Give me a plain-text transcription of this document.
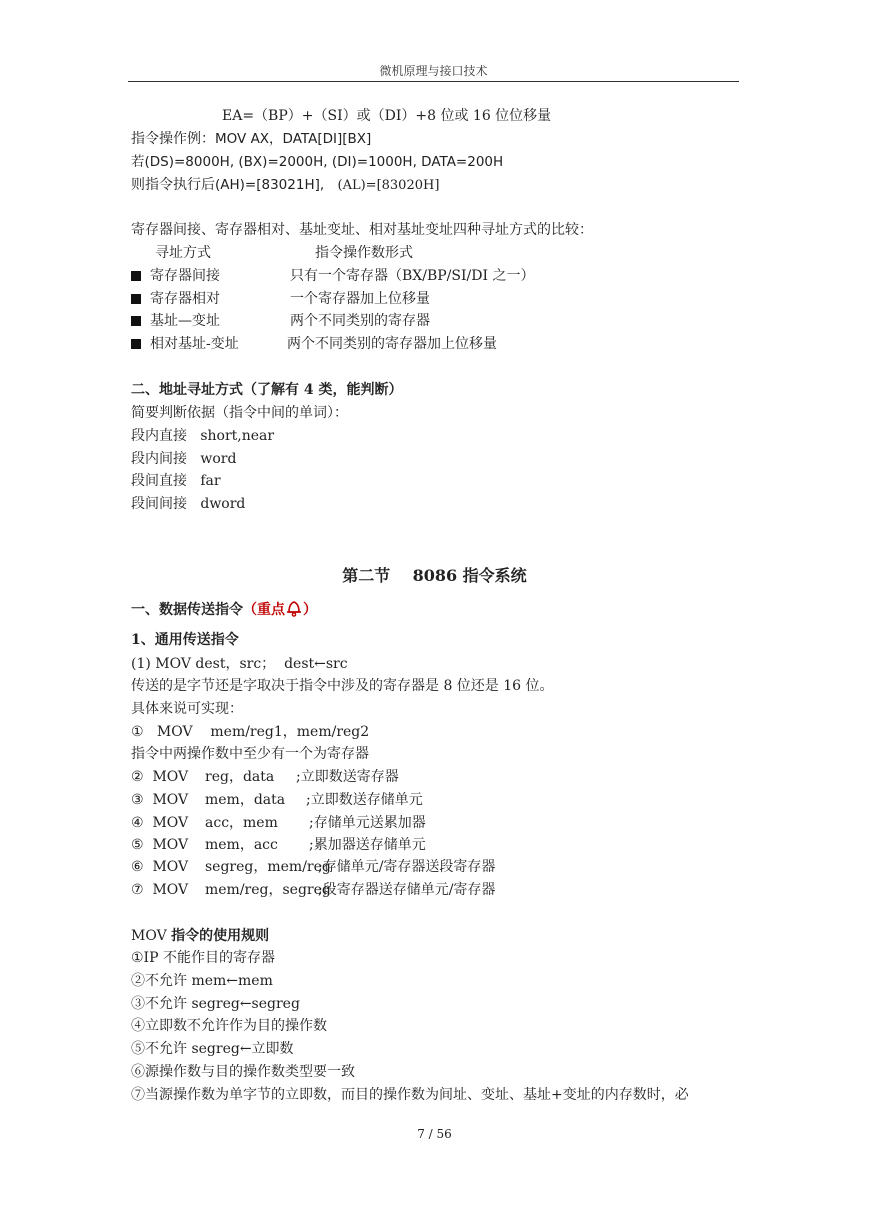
微机原理与接口技术
EA=（BP）+（SI）或（DI）+8 位或 16 位位移量
指令操作例：MOV AX，DATA[DI][BX]
若(DS)=8000H, (BX)=2000H, (DI)=1000H, DATA=200H
则指令执行后(AH)=[83021H], (AL)=[83020H]
寄存器间接、寄存器相对、基址变址、相对基址变址四种寻址方式的比较：
寻址方式	指令操作数形式
寄存器间接	只有一个寄存器（BX/BP/SI/DI 之一）
寄存器相对	一个寄存器加上位移量
基址—变址	两个不同类别的寄存器
相对基址-变址	两个不同类别的寄存器加上位移量
二、地址寻址方式（了解有 4 类，能判断）
简要判断依据（指令中间的单词）：
段内直接 short,near
段内间接 word
段间直接 far
段间间接 dword
第二节    8086 指令系统
一、数据传送指令（重点 ）
1、通用传送指令
(1) MOV dest，src；  dest←src
传送的是字节还是字取决于指令中涉及的寄存器是 8 位还是 16 位。
具体来说可实现：
①   MOV    mem/reg1，mem/reg2
指令中两操作数中至少有一个为寄存器
② MOV reg，data ;立即数送寄存器
③ MOV mem，data ;立即数送存储单元
④ MOV acc，mem ;存储单元送累加器
⑤ MOV mem，acc ;累加器送存储单元
⑥ MOV segreg，mem/reg
;存储单元/寄存器送段寄存器
⑦ MOV mem/reg，segreg
;段寄存器送存储单元/寄存器
MOV 指令的使用规则
①IP 不能作目的寄存器
②不允许 mem←mem
③不允许 segreg←segreg
④立即数不允许作为目的操作数
⑤不允许 segreg←立即数
⑥源操作数与目的操作数类型要一致
⑦当源操作数为单字节的立即数，而目的操作数为间址、变址、基址+变址的内存数时，必
7 / 56
